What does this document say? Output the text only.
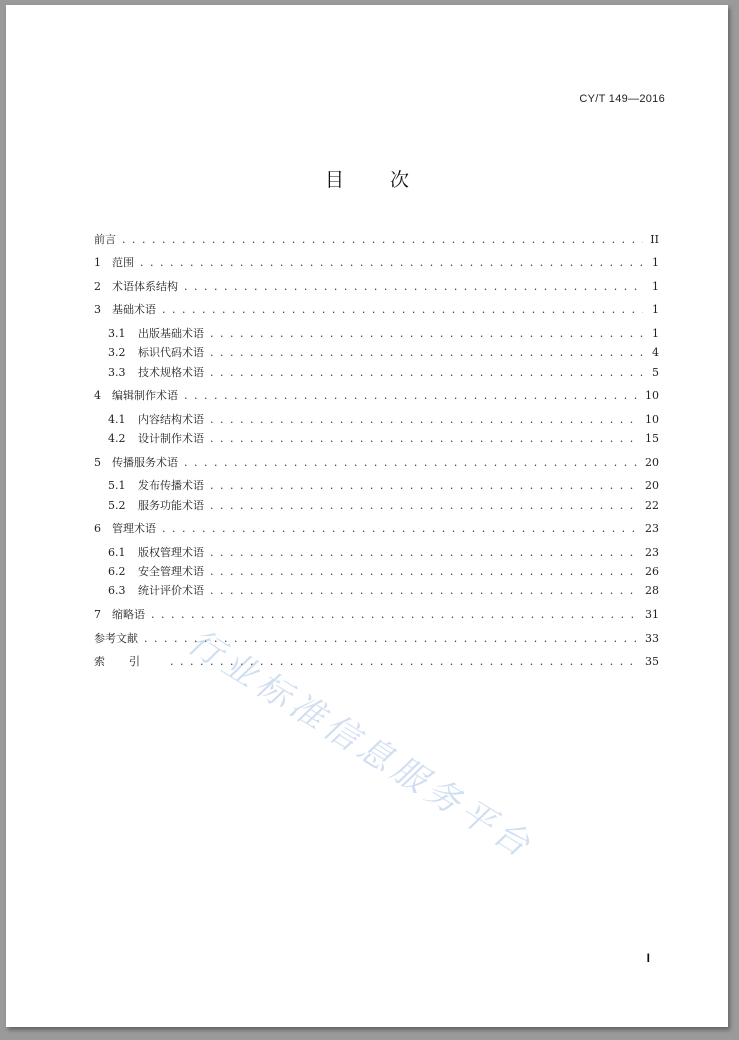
CY/T 149—2016
目 次
前言 . . .	II
1	范围 . . .	1
2	术语体系结构 . . .	1
3	基础术语 . . .	1
3.1	出版基础术语 . . .	1
3.2	标识代码术语 . . .	4
3.3	技术规格术语 . . .	5
4	编辑制作术语 . . .	10
4.1	内容结构术语 . . .	10
4.2	设计制作术语 . . .	15
5	传播服务术语 . . .	20
5.1	发布传播术语 . . .	20
5.2	服务功能术语 . . .	22
6	管理术语 . . .	23
6.1	版权管理术语 . . .	23
6.2	安全管理术语 . . .	26
6.3	统计评价术语 . . .	28
7	缩略语 . . .	31
参考文献 . . .	33
索引 . . .	35
行业标准信息服务平台
I
